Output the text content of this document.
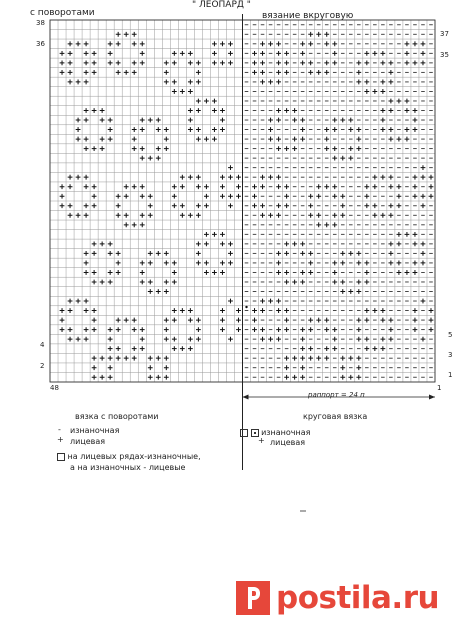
" ЛЕОПАРД "
с поворотами	вязание вкруговую
38
36
4
2
37
35
5
3
1
48	1
раппорт = 24 п
вязка с поворотами
- изнаночная
+ лицевая
на лицевых рядах-изнаночные,
а на изнаночных - лицевые
круговая вязка
изнаночная
+ лицевая
postila.ru
